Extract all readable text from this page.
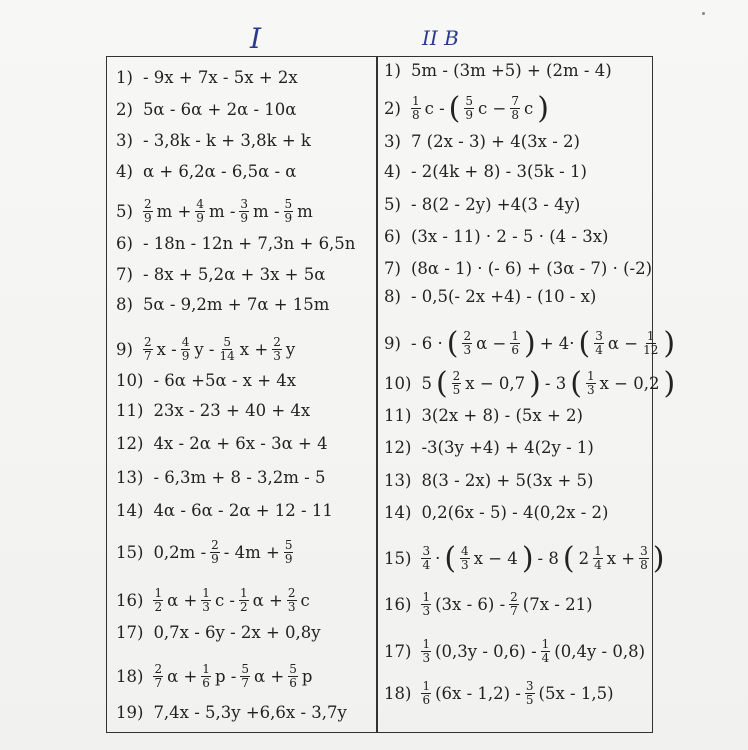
I	II B
1) - 9x + 7x - 5x + 2x
2) 5α - 6α + 2α - 10α
3) - 3,8k - k + 3,8k + k
4) α + 6,2α - 6,5α - α
$5) \frac{2}{9}$ $m + \frac{4}{9}$ m - $\frac{3}{9}$ m - $\frac{5}{9}$ m
6) - 18n - 12n + 7,3n + 6,5n
7) - 8x + 5,2α + 3x + 5α
8) 5α - 9,2m + 7α + 15m
$9) \frac{2}{7}$ x - $\frac{4}{9}$ y - $\frac{5}{14}$ $x + \frac{2}{3}$ y
10) - 6α +5α - x + 4x
11) 23x - 23 + 40 + 4x
12) 4x - 2α + 6x - 3α + 4
13) - 6,3m + 8 - 3,2m - 5
14) 4α - 6α - 2α + 12 - 11
15) $0,2m - \frac{2}{9} - 4m + \frac{5}{9}$
$16) \frac{1}{2}$ $\alpha + \frac{1}{3}$ c - $\frac{1}{2}$ $\alpha + \frac{2}{3}$ c
17) 0,7x - 6y - 2x + 0,8y
$18) \frac{2}{7}$ $\alpha + \frac{1}{6}$ p - $\frac{5}{7}$ $\alpha + \frac{5}{6}$ p
19) 7,4x - 5,3y +6,6x - 3,7y
1) 5m - (3m +5) + (2m - 4)
$2) \frac{1}{8}$ c - ( $\frac{5}{9}$ $c - \frac{7}{8}$ c )
3) 7 (2x - 3) + 4(3x - 2)
4) - 2(4k + 8) - 3(5k - 1)
5) - 8(2 - 2y) +4(3 - 4y)
6) (3x - 11) · 2 - 5 · (4 - 3x)
7) (8α - 1) · (- 6) + (3α - 7) · (-2)
8) - 0,5(- 2x +4) - (10 - x)
9) - 6 · ( $\frac{2}{3}$ $\alpha - \frac{1}{6}$ ) + 4· ( $\frac{3}{4}$ $\alpha - \frac{1}{12}$ )
10) 5 ( $\frac{2}{5}$ x − 0,7 ) - 3 ( $\frac{1}{3}$ x − 0,2 )
11) 3(2x + 8) - (5x + 2)
12) -3(3y +4) + 4(2y - 1)
13) 8(3 - 2x) + 5(3x + 5)
14) 0,2(6x - 5) - 4(0,2x - 2)
$15) \frac{3}{4}$ · ( $\frac{4}{3}$ x − 4 ) - 8 ( $2 \frac{1}{4}$ $x + \frac{3}{8}$ )
$16) \frac{1}{3} (3x - 6) - \frac{2}{7} (7x - 21)$
$17) \frac{1}{3} (0,3y - 0,6) - \frac{1}{4} (0,4y - 0,8)$
$18) \frac{1}{6} (6x - 1,2) - \frac{3}{5} (5x - 1,5)$
